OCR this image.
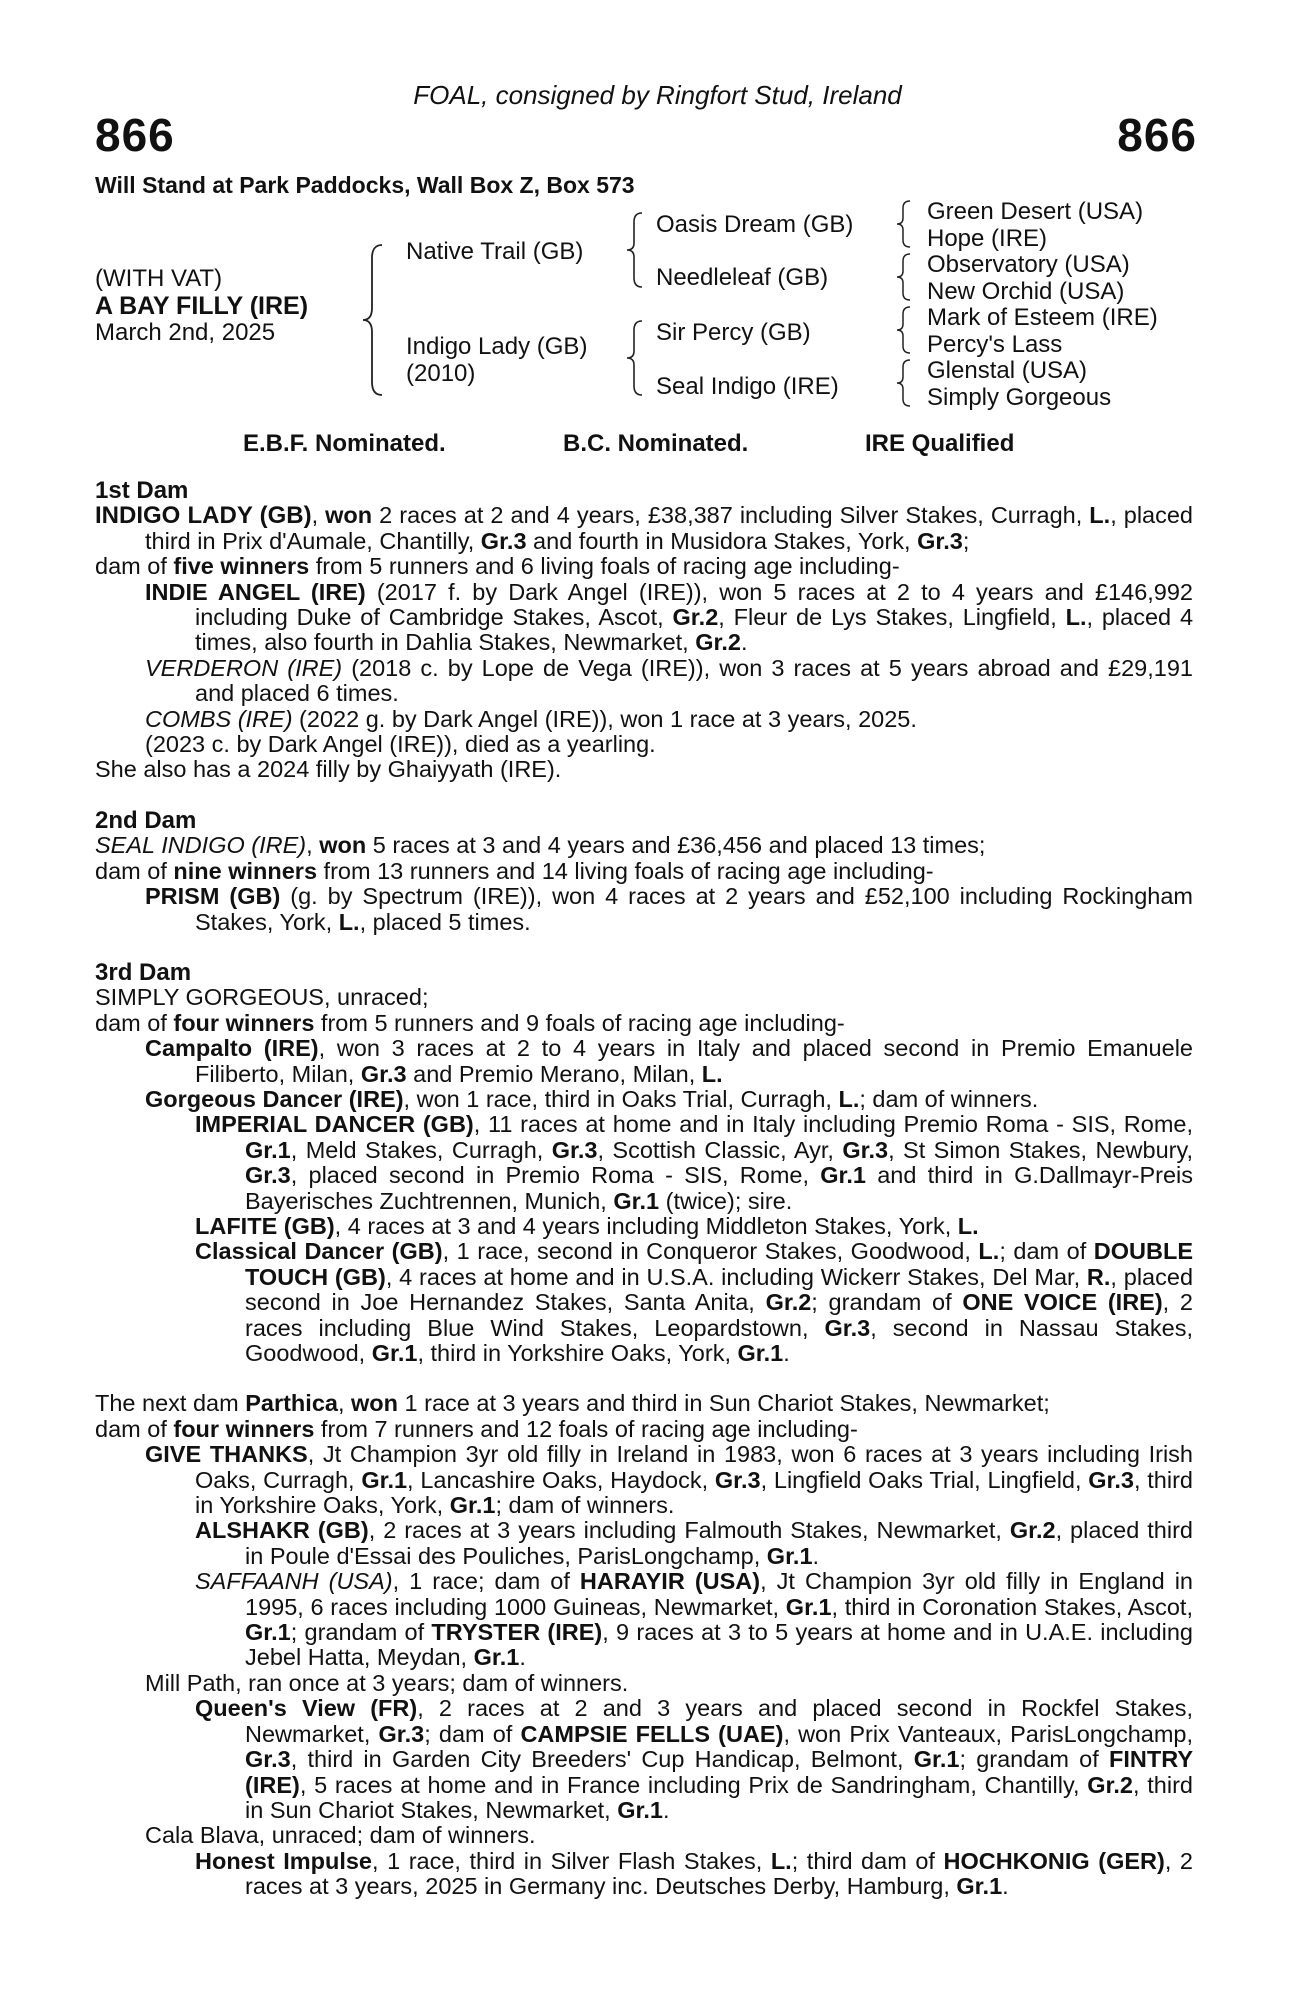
FOAL, consigned by Ringfort Stud, Ireland
866	866
Will Stand at Park Paddocks, Wall Box Z, Box 573
(WITH VAT)
A BAY FILLY (IRE)
March 2nd, 2025
Native Trail (GB)
Indigo Lady (GB)
(2010)
Oasis Dream (GB)
Needleleaf (GB)
Sir Percy (GB)
Seal Indigo (IRE)
Green Desert (USA)
Hope (IRE)
Observatory (USA)
New Orchid (USA)
Mark of Esteem (IRE)
Percy's Lass
Glenstal (USA)
Simply Gorgeous
E.B.F. Nominated.	B.C. Nominated.	IRE Qualified

1st Dam

INDIGO LADY (GB), won 2 races at 2 and 4 years, £38,387 including Silver Stakes, Curragh, L., placed third in Prix d'Aumale, Chantilly, Gr.3 and fourth in Musidora Stakes, York, Gr.3;

dam of five winners from 5 runners and 6 living foals of racing age including-

INDIE ANGEL (IRE) (2017 f. by Dark Angel (IRE)), won 5 races at 2 to 4 years and £146,992 including Duke of Cambridge Stakes, Ascot, Gr.2, Fleur de Lys Stakes, Lingfield, L., placed 4 times, also fourth in Dahlia Stakes, Newmarket, Gr.2.

VERDERON (IRE) (2018 c. by Lope de Vega (IRE)), won 3 races at 5 years abroad and £29,191 and placed 6 times.

COMBS (IRE) (2022 g. by Dark Angel (IRE)), won 1 race at 3 years, 2025.

(2023 c. by Dark Angel (IRE)), died as a yearling.

She also has a 2024 filly by Ghaiyyath (IRE).

2nd Dam

SEAL INDIGO (IRE), won 5 races at 3 and 4 years and £36,456 and placed 13 times;

dam of nine winners from 13 runners and 14 living foals of racing age including-

PRISM (GB) (g. by Spectrum (IRE)), won 4 races at 2 years and £52,100 including Rockingham Stakes, York, L., placed 5 times.

3rd Dam

SIMPLY GORGEOUS, unraced;

dam of four winners from 5 runners and 9 foals of racing age including-

Campalto (IRE), won 3 races at 2 to 4 years in Italy and placed second in Premio Emanuele Filiberto, Milan, Gr.3 and Premio Merano, Milan, L.

Gorgeous Dancer (IRE), won 1 race, third in Oaks Trial, Curragh, L.; dam of winners.

IMPERIAL DANCER (GB), 11 races at home and in Italy including Premio Roma - SIS, Rome, Gr.1, Meld Stakes, Curragh, Gr.3, Scottish Classic, Ayr, Gr.3, St Simon Stakes, Newbury, Gr.3, placed second in Premio Roma - SIS, Rome, Gr.1 and third in G.Dallmayr-Preis Bayerisches Zuchtrennen, Munich, Gr.1 (twice); sire.

LAFITE (GB), 4 races at 3 and 4 years including Middleton Stakes, York, L.

Classical Dancer (GB), 1 race, second in Conqueror Stakes, Goodwood, L.; dam of DOUBLE TOUCH (GB), 4 races at home and in U.S.A. including Wickerr Stakes, Del Mar, R., placed second in Joe Hernandez Stakes, Santa Anita, Gr.2; grandam of ONE VOICE (IRE), 2 races including Blue Wind Stakes, Leopardstown, Gr.3, second in Nassau Stakes, Goodwood, Gr.1, third in Yorkshire Oaks, York, Gr.1.

The next dam Parthica, won 1 race at 3 years and third in Sun Chariot Stakes, Newmarket;

dam of four winners from 7 runners and 12 foals of racing age including-

GIVE THANKS, Jt Champion 3yr old filly in Ireland in 1983, won 6 races at 3 years including Irish Oaks, Curragh, Gr.1, Lancashire Oaks, Haydock, Gr.3, Lingfield Oaks Trial, Lingfield, Gr.3, third in Yorkshire Oaks, York, Gr.1; dam of winners.

ALSHAKR (GB), 2 races at 3 years including Falmouth Stakes, Newmarket, Gr.2, placed third in Poule d'Essai des Pouliches, ParisLongchamp, Gr.1.

SAFFAANH (USA), 1 race; dam of HARAYIR (USA), Jt Champion 3yr old filly in England in 1995, 6 races including 1000 Guineas, Newmarket, Gr.1, third in Coronation Stakes, Ascot, Gr.1; grandam of TRYSTER (IRE), 9 races at 3 to 5 years at home and in U.A.E. including Jebel Hatta, Meydan, Gr.1.

Mill Path, ran once at 3 years; dam of winners.

Queen's View (FR), 2 races at 2 and 3 years and placed second in Rockfel Stakes, Newmarket, Gr.3; dam of CAMPSIE FELLS (UAE), won Prix Vanteaux, ParisLongchamp, Gr.3, third in Garden City Breeders' Cup Handicap, Belmont, Gr.1; grandam of FINTRY (IRE), 5 races at home and in France including Prix de Sandringham, Chantilly, Gr.2, third in Sun Chariot Stakes, Newmarket, Gr.1.

Cala Blava, unraced; dam of winners.

Honest Impulse, 1 race, third in Silver Flash Stakes, L.; third dam of HOCHKONIG (GER), 2 races at 3 years, 2025 in Germany inc. Deutsches Derby, Hamburg, Gr.1.
